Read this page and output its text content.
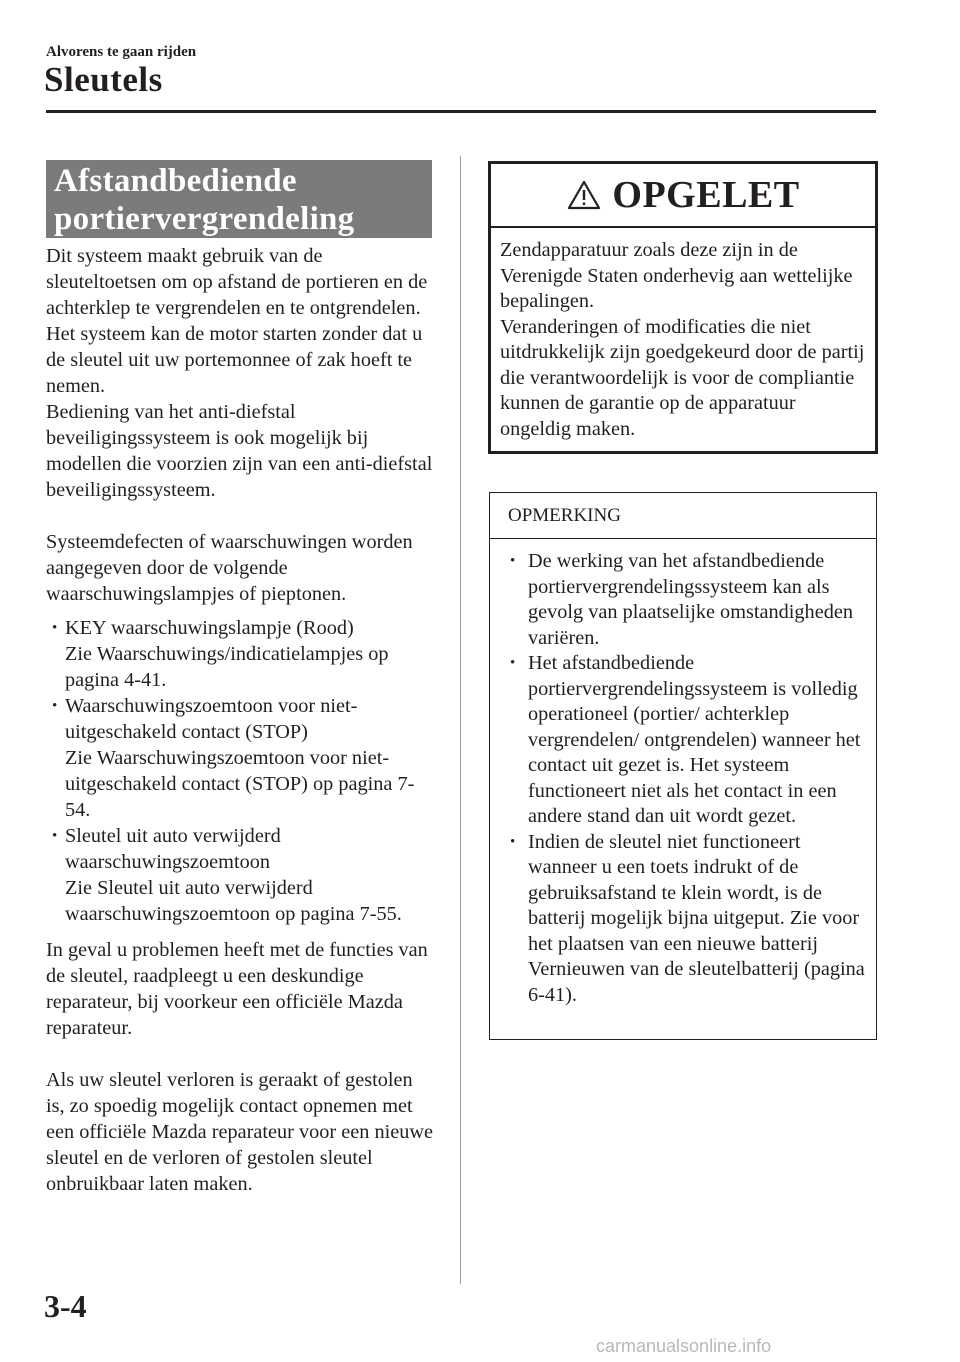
Alvorens te gaan rijden
Sleutels
Afstandbediende
portiervergrendeling

Dit systeem maakt gebruik van de sleuteltoetsen om op afstand de portieren en de achterklep te vergrendelen en te ontgrendelen.

Het systeem kan de motor starten zonder dat u de sleutel uit uw portemonnee of zak hoeft te nemen.

Bediening van het anti-diefstal beveiligingssysteem is ook mogelijk bij modellen die voorzien zijn van een anti-diefstal beveiligingssysteem.

Systeemdefecten of waarschuwingen worden aangegeven door de volgende waarschuwingslampjes of pieptonen.

• KEY waarschuwingslampje (Rood)
Zie Waarschuwings/indicatielampjes op pagina 4-41.
• Waarschuwingszoemtoon voor niet-uitgeschakeld contact (STOP)
Zie Waarschuwingszoemtoon voor niet-uitgeschakeld contact (STOP) op pagina 7-54.
• Sleutel uit auto verwijderd waarschuwingszoemtoon
Zie Sleutel uit auto verwijderd waarschuwingszoemtoon op pagina 7-55.

In geval u problemen heeft met de functies van de sleutel, raadpleegt u een deskundige reparateur, bij voorkeur een officiële Mazda reparateur.

Als uw sleutel verloren is geraakt of gestolen is, zo spoedig mogelijk contact opnemen met een officiële Mazda reparateur voor een nieuwe sleutel en de verloren of gestolen sleutel onbruikbaar laten maken.

OPGELET

Zendapparatuur zoals deze zijn in de Verenigde Staten onderhevig aan wettelijke bepalingen.

Veranderingen of modificaties die niet uitdrukkelijk zijn goedgekeurd door de partij die verantwoordelijk is voor de compliantie kunnen de garantie op de apparatuur ongeldig maken.

OPMERKING
• De werking van het afstandbediende portiervergrendelingssysteem kan als gevolg van plaatselijke omstandigheden variëren.
• Het afstandbediende portiervergrendelingssysteem is volledig operationeel (portier/ achterklep vergrendelen/ ontgrendelen) wanneer het contact uit gezet is. Het systeem functioneert niet als het contact in een andere stand dan uit wordt gezet.
• Indien de sleutel niet functioneert wanneer u een toets indrukt of de gebruiksafstand te klein wordt, is de batterij mogelijk bijna uitgeput. Zie voor het plaatsen van een nieuwe batterij Vernieuwen van de sleutelbatterij (pagina 6-41).
3-4
carmanualsonline.info
